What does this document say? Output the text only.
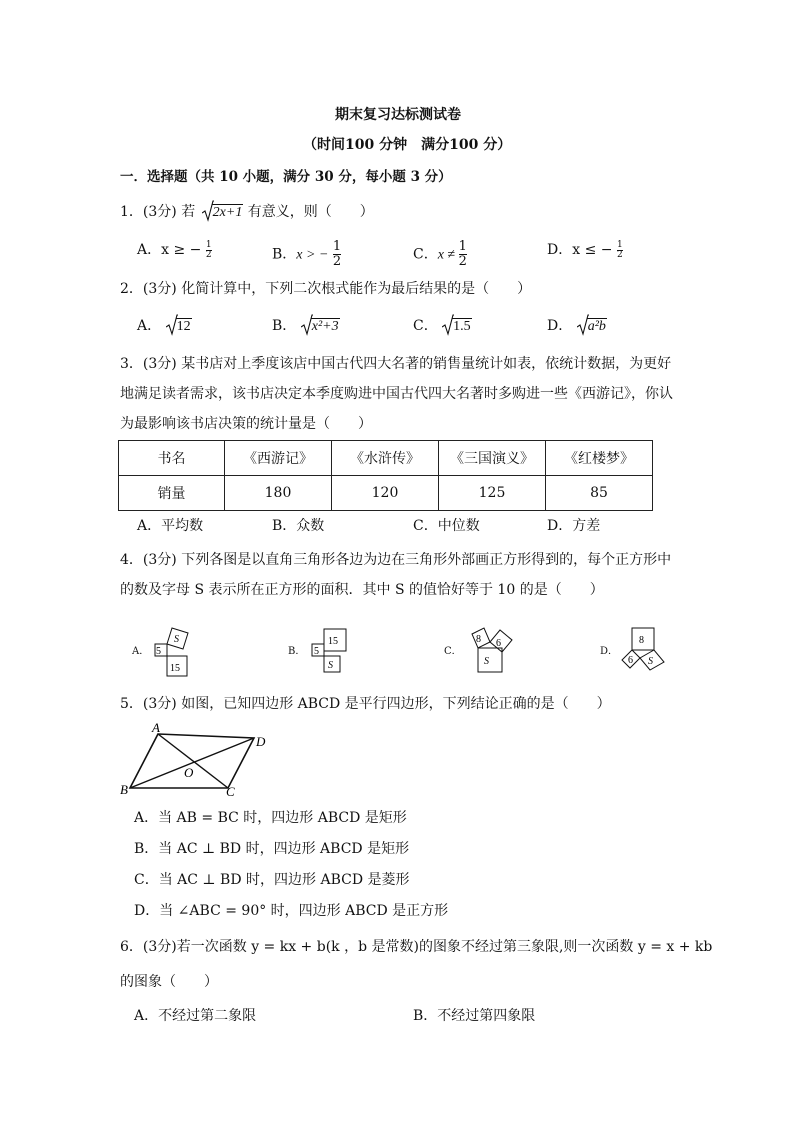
期末复习达标测试卷
（时间100 分钟　满分100 分）
一．选择题（共 10 小题，满分 30 分，每小题 3 分）
1．(3分) 若 2x+1 有意义，则（　　）
A．x ≥ − $\frac{1}{2}$	B．x > − $\frac{1}{2}$	C．$x \ne \frac{1}{2}$	D．x ≤ − $\frac{1}{2}$
2．(3分) 化简计算中，下列二次根式能作为最后结果的是（　　）
A． 12	B． x²+3	C． 1.5	D． a²b
3．(3分) 某书店对上季度该店中国古代四大名著的销售量统计如表，依统计数据，为更好
地满足读者需求，该书店决定本季度购进中国古代四大名著时多购进一些《西游记》，你认
为最影响该书店决策的统计量是（　　）
书名	《西游记》	《水浒传》	《三国演义》	《红楼梦》
销量	180	120	125	85
A．平均数	B．众数	C．中位数	D．方差
4．(3分) 下列各图是以直角三角形各边为边在三角形外部画正方形得到的，每个正方形中
的数及字母 S 表示所在正方形的面积．其中 S 的值恰好等于 10 的是（　　）
A． 5
15
S
B． 5
15
S
C．
8 6
S
D．
8
6 S
5．(3分) 如图，已知四边形 ABCD 是平行四边形，下列结论正确的是（　　）
A
D
B	C
O
A．当 AB = BC 时，四边形 ABCD 是矩形
B．当 AC ⊥ BD 时，四边形 ABCD 是矩形
C．当 AC ⊥ BD 时，四边形 ABCD 是菱形
D．当 ∠ABC = 90° 时，四边形 ABCD 是正方形
6．(3分)若一次函数 y = kx + b(k ，b 是常数)的图象不经过第三象限,则一次函数 y = x + kb
的图象（　　）
A．不经过第二象限	B．不经过第四象限
